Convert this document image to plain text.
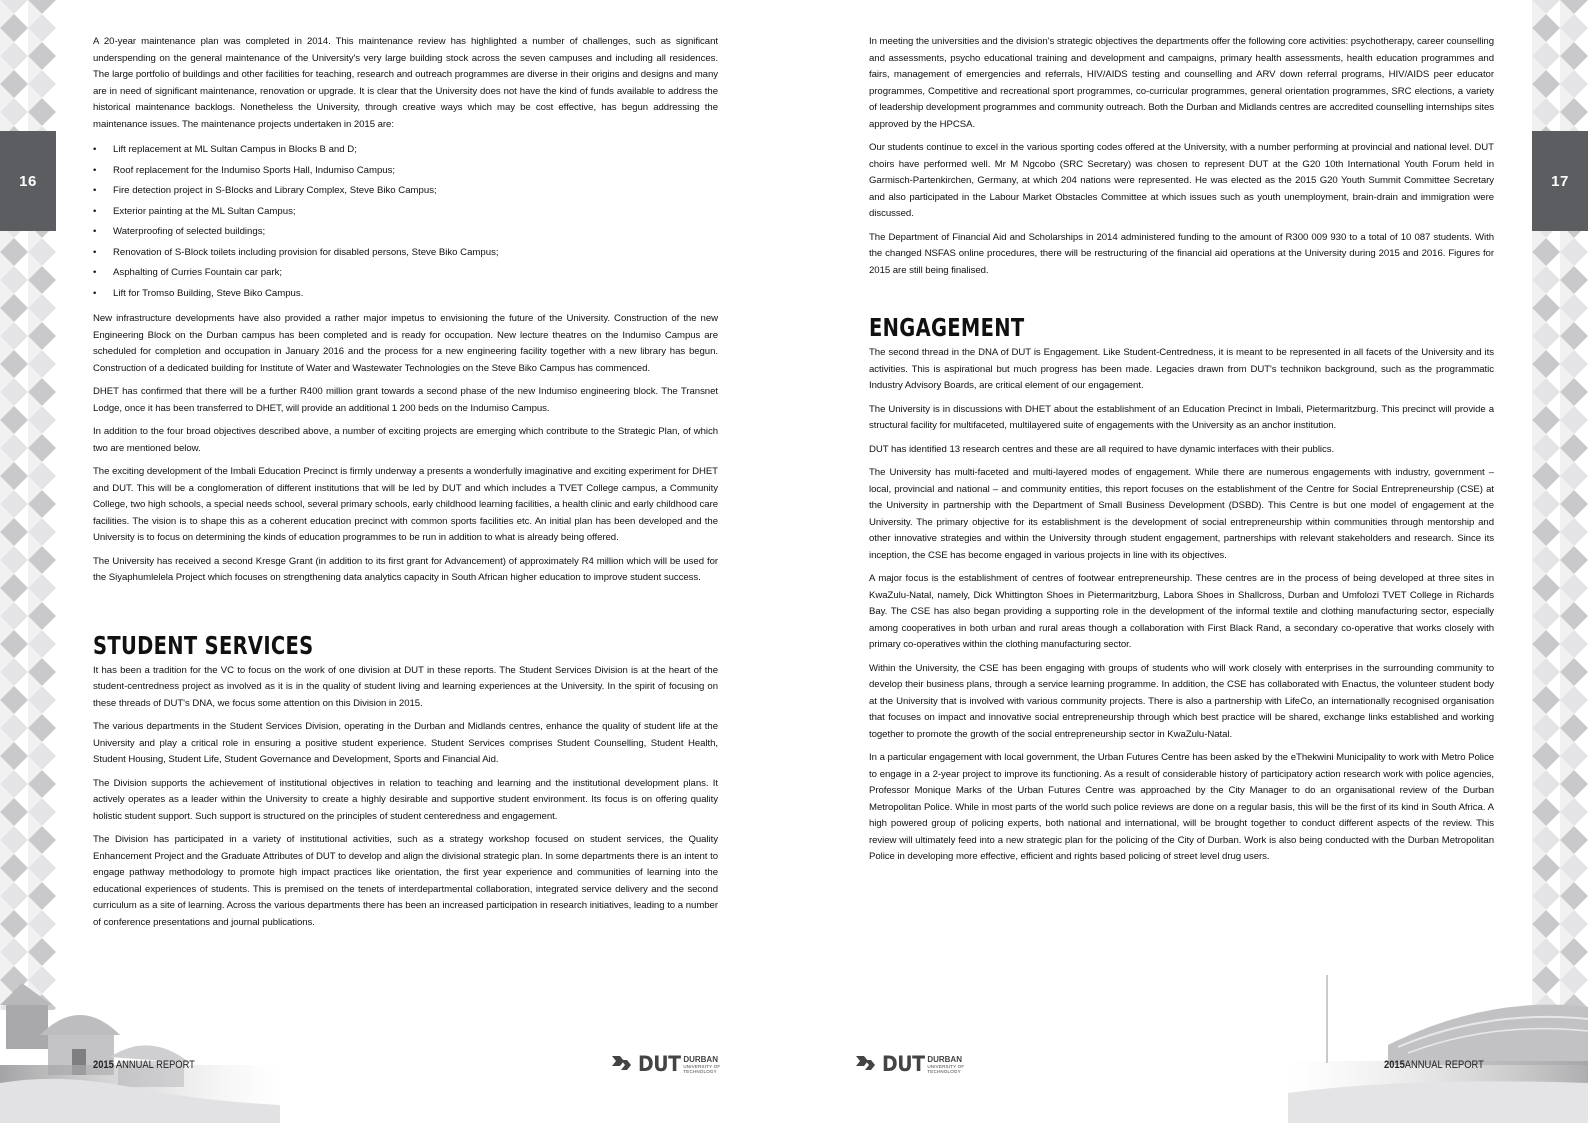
16

A 20-year maintenance plan was completed in 2014. This maintenance review has highlighted a number of challenges, such as significant underspending on the general maintenance of the University's very large building stock across the seven campuses and including all residences. The large portfolio of buildings and other facilities for teaching, research and outreach programmes are diverse in their origins and designs and many are in need of significant maintenance, renovation or upgrade. It is clear that the University does not have the kind of funds available to address the historical maintenance backlogs. Nonetheless the University, through creative ways which may be cost effective, has begun addressing the maintenance issues. The maintenance projects undertaken in 2015 are:

• Lift replacement at ML Sultan Campus in Blocks B and D;
• Roof replacement for the Indumiso Sports Hall, Indumiso Campus;
• Fire detection project in S-Blocks and Library Complex, Steve Biko Campus;
• Exterior painting at the ML Sultan Campus;
• Waterproofing of selected buildings;
• Renovation of S-Block toilets including provision for disabled persons, Steve Biko Campus;
• Asphalting of Curries Fountain car park;
• Lift for Tromso Building, Steve Biko Campus.

New infrastructure developments have also provided a rather major impetus to envisioning the future of the University. Construction of the new Engineering Block on the Durban campus has been completed and is ready for occupation. New lecture theatres on the Indumiso Campus are scheduled for completion and occupation in January 2016 and the process for a new engineering facility together with a new library has begun. Construction of a dedicated building for Institute of Water and Wastewater Technologies on the Steve Biko Campus has commenced.

DHET has confirmed that there will be a further R400 million grant towards a second phase of the new Indumiso engineering block. The Transnet Lodge, once it has been transferred to DHET, will provide an additional 1 200 beds on the Indumiso Campus.

In addition to the four broad objectives described above, a number of exciting projects are emerging which contribute to the Strategic Plan, of which two are mentioned below.

The exciting development of the Imbali Education Precinct is firmly underway a presents a wonderfully imaginative and exciting experiment for DHET and DUT. This will be a conglomeration of different institutions that will be led by DUT and which includes a TVET College campus, a Community College, two high schools, a special needs school, several primary schools, early childhood learning facilities, a health clinic and early childhood care facilities. The vision is to shape this as a coherent education precinct with common sports facilities etc. An initial plan has been developed and the University is to focus on determining the kinds of education programmes to be run in addition to what is already being offered.

The University has received a second Kresge Grant (in addition to its first grant for Advancement) of approximately R4 million which will be used for the Siyaphumlelela Project which focuses on strengthening data analytics capacity in South African higher education to improve student success.

STUDENT SERVICES

It has been a tradition for the VC to focus on the work of one division at DUT in these reports. The Student Services Division is at the heart of the student-centredness project as involved as it is in the quality of student living and learning experiences at the University. In the spirit of focusing on these threads of DUT's DNA, we focus some attention on this Division in 2015.

The various departments in the Student Services Division, operating in the Durban and Midlands centres, enhance the quality of student life at the University and play a critical role in ensuring a positive student experience. Student Services comprises Student Counselling, Student Health, Student Housing, Student Life, Student Governance and Development, Sports and Financial Aid.

The Division supports the achievement of institutional objectives in relation to teaching and learning and the institutional development plans. It actively operates as a leader within the University to create a highly desirable and supportive student environment. Its focus is on offering quality holistic student support. Such support is structured on the principles of student centeredness and engagement.

The Division has participated in a variety of institutional activities, such as a strategy workshop focused on student services, the Quality Enhancement Project and the Graduate Attributes of DUT to develop and align the divisional strategic plan. In some departments there is an intent to engage pathway methodology to promote high impact practices like orientation, the first year experience and communities of learning into the educational experiences of students. This is premised on the tenets of interdepartmental collaboration, integrated service delivery and the second curriculum as a site of learning. Across the various departments there has been an increased participation in research initiatives, leading to a number of conference presentations and journal publications.

2015 ANNUAL REPORT	DUT DURBAN
UNIVERSITY OF
TECHNOLOGY
17

In meeting the universities and the division's strategic objectives the departments offer the following core activities: psychotherapy, career counselling and assessments, psycho educational training and development and campaigns, primary health assessments, health education programmes and fairs, management of emergencies and referrals, HIV/AIDS testing and counselling and ARV down referral programs, HIV/AIDS peer educator programmes, Competitive and recreational sport programmes, co-curricular programmes, general orientation programmes, SRC elections, a variety of leadership development programmes and community outreach. Both the Durban and Midlands centres are accredited counselling internships sites approved by the HPCSA.

Our students continue to excel in the various sporting codes offered at the University, with a number performing at provincial and national level. DUT choirs have performed well. Mr M Ngcobo (SRC Secretary) was chosen to represent DUT at the G20 10th International Youth Forum held in Garmisch-Partenkirchen, Germany, at which 204 nations were represented. He was elected as the 2015 G20 Youth Summit Committee Secretary and also participated in the Labour Market Obstacles Committee at which issues such as youth unemployment, brain-drain and immigration were discussed.

The Department of Financial Aid and Scholarships in 2014 administered funding to the amount of R300 009 930 to a total of 10 087 students. With the changed NSFAS online procedures, there will be restructuring of the financial aid operations at the University during 2015 and 2016. Figures for 2015 are still being finalised.

ENGAGEMENT

The second thread in the DNA of DUT is Engagement. Like Student-Centredness, it is meant to be represented in all facets of the University and its activities. This is aspirational but much progress has been made. Legacies drawn from DUT's technikon background, such as the programmatic Industry Advisory Boards, are critical element of our engagement.

The University is in discussions with DHET about the establishment of an Education Precinct in Imbali, Pietermaritzburg. This precinct will provide a structural facility for multifaceted, multilayered suite of engagements with the University as an anchor institution.

DUT has identified 13 research centres and these are all required to have dynamic interfaces with their publics.

The University has multi-faceted and multi-layered modes of engagement. While there are numerous engagements with industry, government – local, provincial and national – and community entities, this report focuses on the establishment of the Centre for Social Entrepreneurship (CSE) at the University in partnership with the Department of Small Business Development (DSBD). This Centre is but one model of engagement at the University. The primary objective for its establishment is the development of social entrepreneurship within communities through mentorship and other innovative strategies and within the University through student engagement, partnerships with relevant stakeholders and research. Since its inception, the CSE has become engaged in various projects in line with its objectives.

A major focus is the establishment of centres of footwear entrepreneurship. These centres are in the process of being developed at three sites in KwaZulu-Natal, namely, Dick Whittington Shoes in Pietermaritzburg, Labora Shoes in Shallcross, Durban and Umfolozi TVET College in Richards Bay. The CSE has also began providing a supporting role in the development of the informal textile and clothing manufacturing sector, especially among cooperatives in both urban and rural areas though a collaboration with First Black Rand, a secondary co-operative that works closely with primary co-operatives within the clothing manufacturing sector.

Within the University, the CSE has been engaging with groups of students who will work closely with enterprises in the surrounding community to develop their business plans, through a service learning programme. In addition, the CSE has collaborated with Enactus, the volunteer student body at the University that is involved with various community projects. There is also a partnership with LifeCo, an internationally recognised organisation that focuses on impact and innovative social entrepreneurship through which best practice will be shared, exchange links established and working together to promote the growth of the social entrepreneurship sector in KwaZulu-Natal.

In a particular engagement with local government, the Urban Futures Centre has been asked by the eThekwini Municipality to work with Metro Police to engage in a 2-year project to improve its functioning. As a result of considerable history of participatory action research work with police agencies, Professor Monique Marks of the Urban Futures Centre was approached by the City Manager to do an organisational review of the Durban Metropolitan Police. While in most parts of the world such police reviews are done on a regular basis, this will be the first of its kind in South Africa. A high powered group of policing experts, both national and international, will be brought together to conduct different aspects of the review. This review will ultimately feed into a new strategic plan for the policing of the City of Durban. Work is also being conducted with the Durban Metropolitan Police in developing more effective, efficient and rights based policing of street level drug users.

2015ANNUAL REPORT
DUT DURBAN
UNIVERSITY OF
TECHNOLOGY
